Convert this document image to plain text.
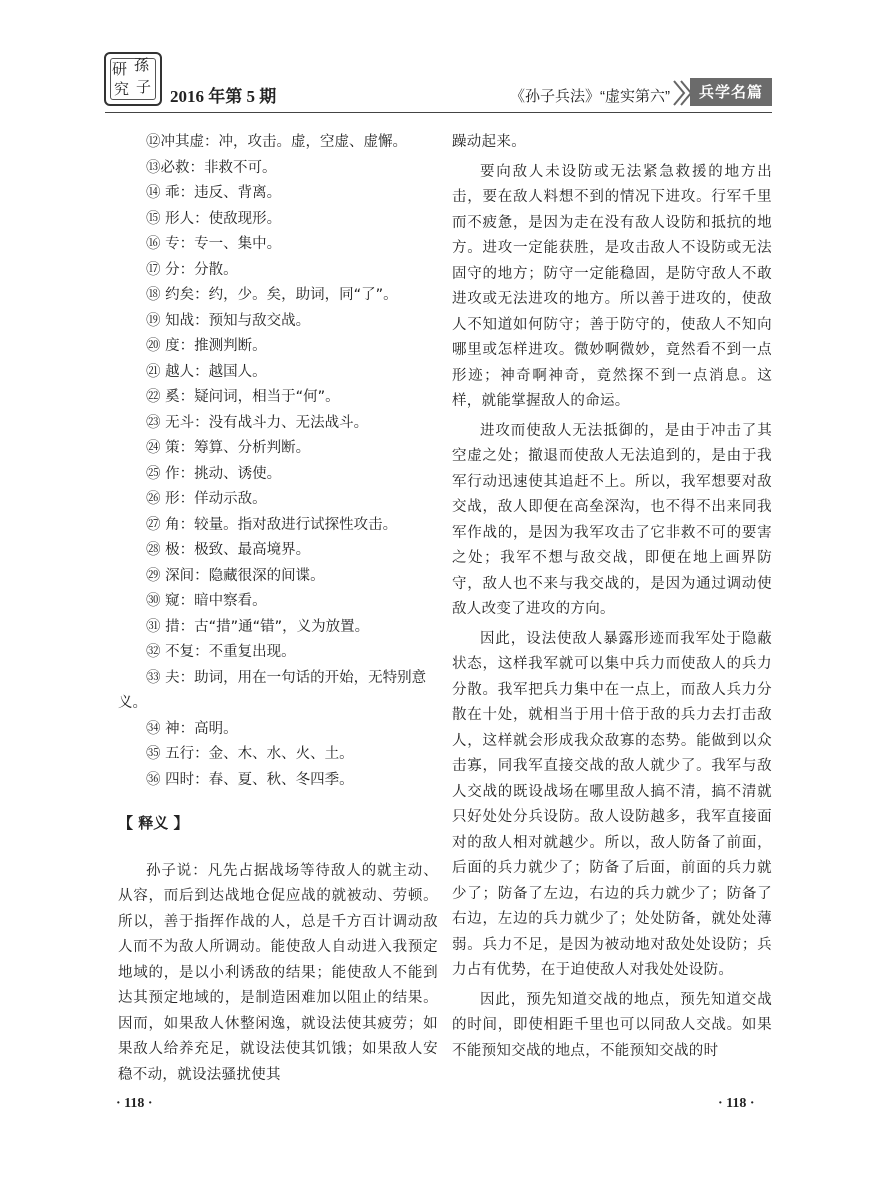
研 孫
究 子 2016 年第 5 期	《孙子兵法》“虚实第六”	兵学名篇

⑫冲其虚：冲，攻击。虚，空虚、虚懈。

⑬必救：非救不可。

⑭ 乖：违反、背离。

⑮ 形人：使敌现形。

⑯ 专：专一、集中。

⑰ 分：分散。

⑱ 约矣：约，少。矣，助词，同“了”。

⑲ 知战：预知与敌交战。

⑳ 度：推测判断。

㉑ 越人：越国人。

㉒ 奚：疑问词，相当于“何”。

㉓ 无斗：没有战斗力、无法战斗。

㉔ 策：筹算、分析判断。

㉕ 作：挑动、诱使。

㉖ 形：佯动示敌。

㉗ 角：较量。指对敌进行试探性攻击。

㉘ 极：极致、最高境界。

㉙ 深间：隐藏很深的间谍。

㉚ 窥：暗中察看。

㉛ 措：古“措”通“错”，义为放置。

㉜ 不复：不重复出现。

㉝ 夫：助词，用在一句话的开始，无特别意义。

㉞ 神：高明。

㉟ 五行：金、木、水、火、土。

㊱ 四时：春、夏、秋、冬四季。

【 释义 】

孙子说：凡先占据战场等待敌人的就主动、从容，而后到达战地仓促应战的就被动、劳顿。所以，善于指挥作战的人，总是千方百计调动敌人而不为敌人所调动。能使敌人自动进入我预定地域的，是以小利诱敌的结果；能使敌人不能到达其预定地域的，是制造困难加以阻止的结果。因而，如果敌人休整闲逸，就设法使其疲劳；如果敌人给养充足，就设法使其饥饿；如果敌人安稳不动，就设法骚扰使其

躁动起来。

要向敌人未设防或无法紧急救援的地方出击，要在敌人料想不到的情况下进攻。行军千里而不疲惫，是因为走在没有敌人设防和抵抗的地方。进攻一定能获胜，是攻击敌人不设防或无法固守的地方；防守一定能稳固，是防守敌人不敢进攻或无法进攻的地方。所以善于进攻的，使敌人不知道如何防守；善于防守的，使敌人不知向哪里或怎样进攻。微妙啊微妙，竟然看不到一点形迹；神奇啊神奇，竟然探不到一点消息。这样，就能掌握敌人的命运。

进攻而使敌人无法抵御的，是由于冲击了其空虚之处；撤退而使敌人无法追到的，是由于我军行动迅速使其追赶不上。所以，我军想要对敌交战，敌人即便在高垒深沟，也不得不出来同我军作战的，是因为我军攻击了它非救不可的要害之处；我军不想与敌交战，即便在地上画界防守，敌人也不来与我交战的，是因为通过调动使敌人改变了进攻的方向。

因此，设法使敌人暴露形迹而我军处于隐蔽状态，这样我军就可以集中兵力而使敌人的兵力分散。我军把兵力集中在一点上，而敌人兵力分散在十处，就相当于用十倍于敌的兵力去打击敌人，这样就会形成我众敌寡的态势。能做到以众击寡，同我军直接交战的敌人就少了。我军与敌人交战的既设战场在哪里敌人搞不清，搞不清就只好处处分兵设防。敌人设防越多，我军直接面对的敌人相对就越少。所以，敌人防备了前面，后面的兵力就少了；防备了后面，前面的兵力就少了；防备了左边，右边的兵力就少了；防备了右边，左边的兵力就少了；处处防备，就处处薄弱。兵力不足，是因为被动地对敌处处设防；兵力占有优势，在于迫使敌人对我处处设防。

因此，预先知道交战的地点，预先知道交战的时间，即使相距千里也可以同敌人交战。如果不能预知交战的地点，不能预知交战的时

· 118 ·	· 118 ·
